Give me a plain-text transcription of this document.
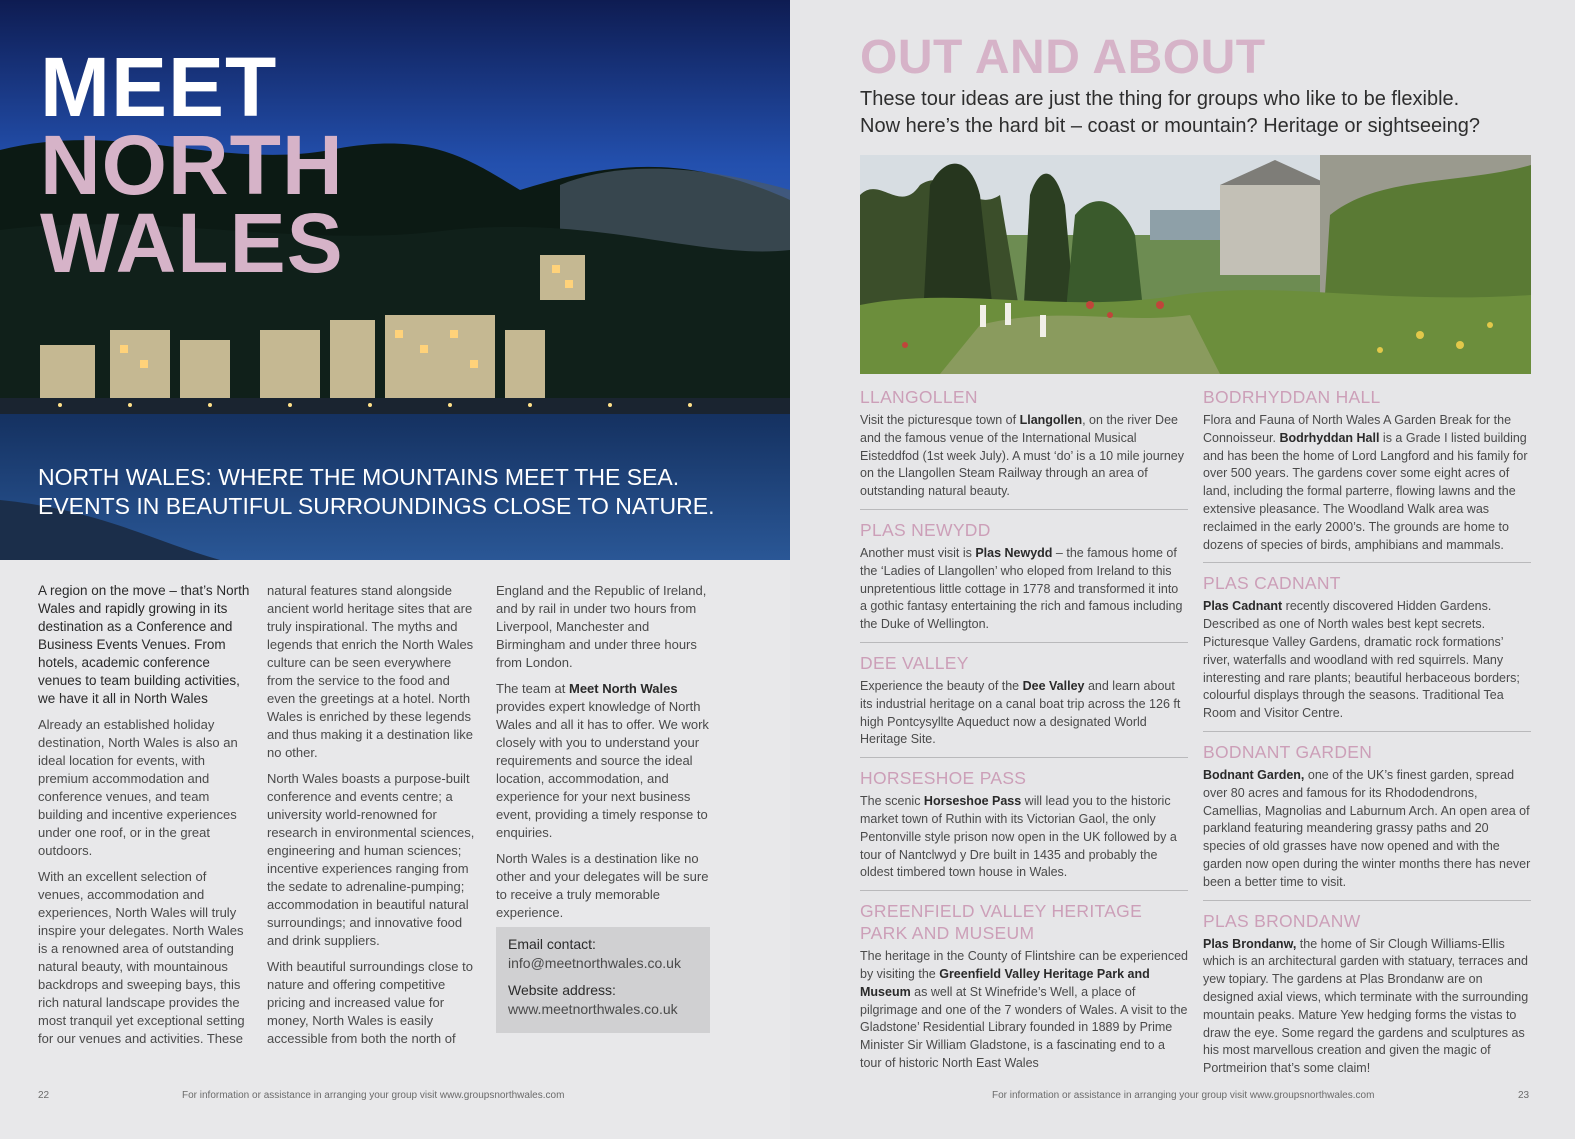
MEET
NORTH
WALES
NORTH WALES: WHERE THE MOUNTAINS MEET THE SEA.
EVENTS IN BEAUTIFUL SURROUNDINGS CLOSE TO NATURE.

A region on the move – that’s North Wales and rapidly growing in its destination as a Conference and Business Events Venues. From hotels, academic conference venues to team building activities, we have it all in North Wales

Already an established holiday destination, North Wales is also an ideal location for events, with premium accommodation and conference venues, and team building and incentive experiences under one roof, or in the great outdoors.

With an excellent selection of venues, accommodation and experiences, North Wales will truly inspire your delegates. North Wales is a renowned area of outstanding natural beauty, with mountainous backdrops and sweeping bays, this rich natural landscape provides the most tranquil yet exceptional setting for our venues and activities. These

natural features stand alongside ancient world heritage sites that are truly inspirational. The myths and legends that enrich the North Wales culture can be seen everywhere from the service to the food and even the greetings at a hotel. North Wales is enriched by these legends and thus making it a destination like no other.

North Wales boasts a purpose-built conference and events centre; a university world-renowned for research in environmental sciences, engineering and human sciences; incentive experiences ranging from the sedate to adrenaline-pumping; accommodation in beautiful natural surroundings; and innovative food and drink suppliers.

With beautiful surroundings close to nature and offering competitive pricing and increased value for money, North Wales is easily accessible from both the north of

England and the Republic of Ireland, and by rail in under two hours from Liverpool, Manchester and Birmingham and under three hours from London.

The team at Meet North Wales provides expert knowledge of North Wales and all it has to offer. We work closely with you to understand your requirements and source the ideal location, accommodation, and experience for your next business event, providing a timely response to enquiries.

North Wales is a destination like no other and your delegates will be sure to receive a truly memorable experience.

Email contact:
info@meetnorthwales.co.uk
Website address:
www.meetnorthwales.co.uk
22	For information or assistance in arranging your group visit www.groupsnorthwales.com
OUT AND ABOUT
These tour ideas are just the thing for groups who like to be flexible.
Now here’s the hard bit – coast or mountain? Heritage or sightseeing?
LLANGOLLEN
Visit the picturesque town of Llangollen, on the river Dee and the famous venue of the International Musical Eisteddfod (1st week July). A must ‘do’ is a 10 mile journey on the Llangollen Steam Railway through an area of outstanding natural beauty.
PLAS NEWYDD
Another must visit is Plas Newydd – the famous home of the ‘Ladies of Llangollen’ who eloped from Ireland to this unpretentious little cottage in 1778 and transformed it into a gothic fantasy entertaining the rich and famous including the Duke of Wellington.
DEE VALLEY
Experience the beauty of the Dee Valley and learn about its industrial heritage on a canal boat trip across the 126 ft high Pontcysyllte Aqueduct now a designated World Heritage Site.
HORSESHOE PASS
The scenic Horseshoe Pass will lead you to the historic market town of Ruthin with its Victorian Gaol, the only Pentonville style prison now open in the UK followed by a tour of Nantclwyd y Dre built in 1435 and probably the oldest timbered town house in Wales.
GREENFIELD VALLEY HERITAGE PARK AND MUSEUM
The heritage in the County of Flintshire can be experienced by visiting the Greenfield Valley Heritage Park and Museum as well at St Winefride’s Well, a place of pilgrimage and one of the 7 wonders of Wales. A visit to the Gladstone’ Residential Library founded in 1889 by Prime Minister Sir William Gladstone, is a fascinating end to a tour of historic North East Wales
BODRHYDDAN HALL
Flora and Fauna of North Wales A Garden Break for the Connoisseur. Bodrhyddan Hall is a Grade I listed building and has been the home of Lord Langford and his family for over 500 years. The gardens cover some eight acres of land, including the formal parterre, flowing lawns and the extensive pleasance. The Woodland Walk area was reclaimed in the early 2000’s. The grounds are home to dozens of species of birds, amphibians and mammals.
PLAS CADNANT
Plas Cadnant recently discovered Hidden Gardens. Described as one of North wales best kept secrets. Picturesque Valley Gardens, dramatic rock formations’ river, waterfalls and woodland with red squirrels. Many interesting and rare plants; beautiful herbaceous borders; colourful displays through the seasons. Traditional Tea Room and Visitor Centre.
BODNANT GARDEN
Bodnant Garden, one of the UK’s finest garden, spread over 80 acres and famous for its Rhododendrons, Camellias, Magnolias and Laburnum Arch. An open area of parkland featuring meandering grassy paths and 20 species of old grasses have now opened and with the garden now open during the winter months there has never been a better time to visit.
PLAS BRONDANW
Plas Brondanw, the home of Sir Clough Williams-Ellis which is an architectural garden with statuary, terraces and yew topiary. The gardens at Plas Brondanw are on designed axial views, which terminate with the surrounding mountain peaks. Mature Yew hedging forms the vistas to draw the eye. Some regard the gardens and sculptures as his most marvellous creation and given the magic of Portmeirion that’s some claim!
For information or assistance in arranging your group visit www.groupsnorthwales.com	23
